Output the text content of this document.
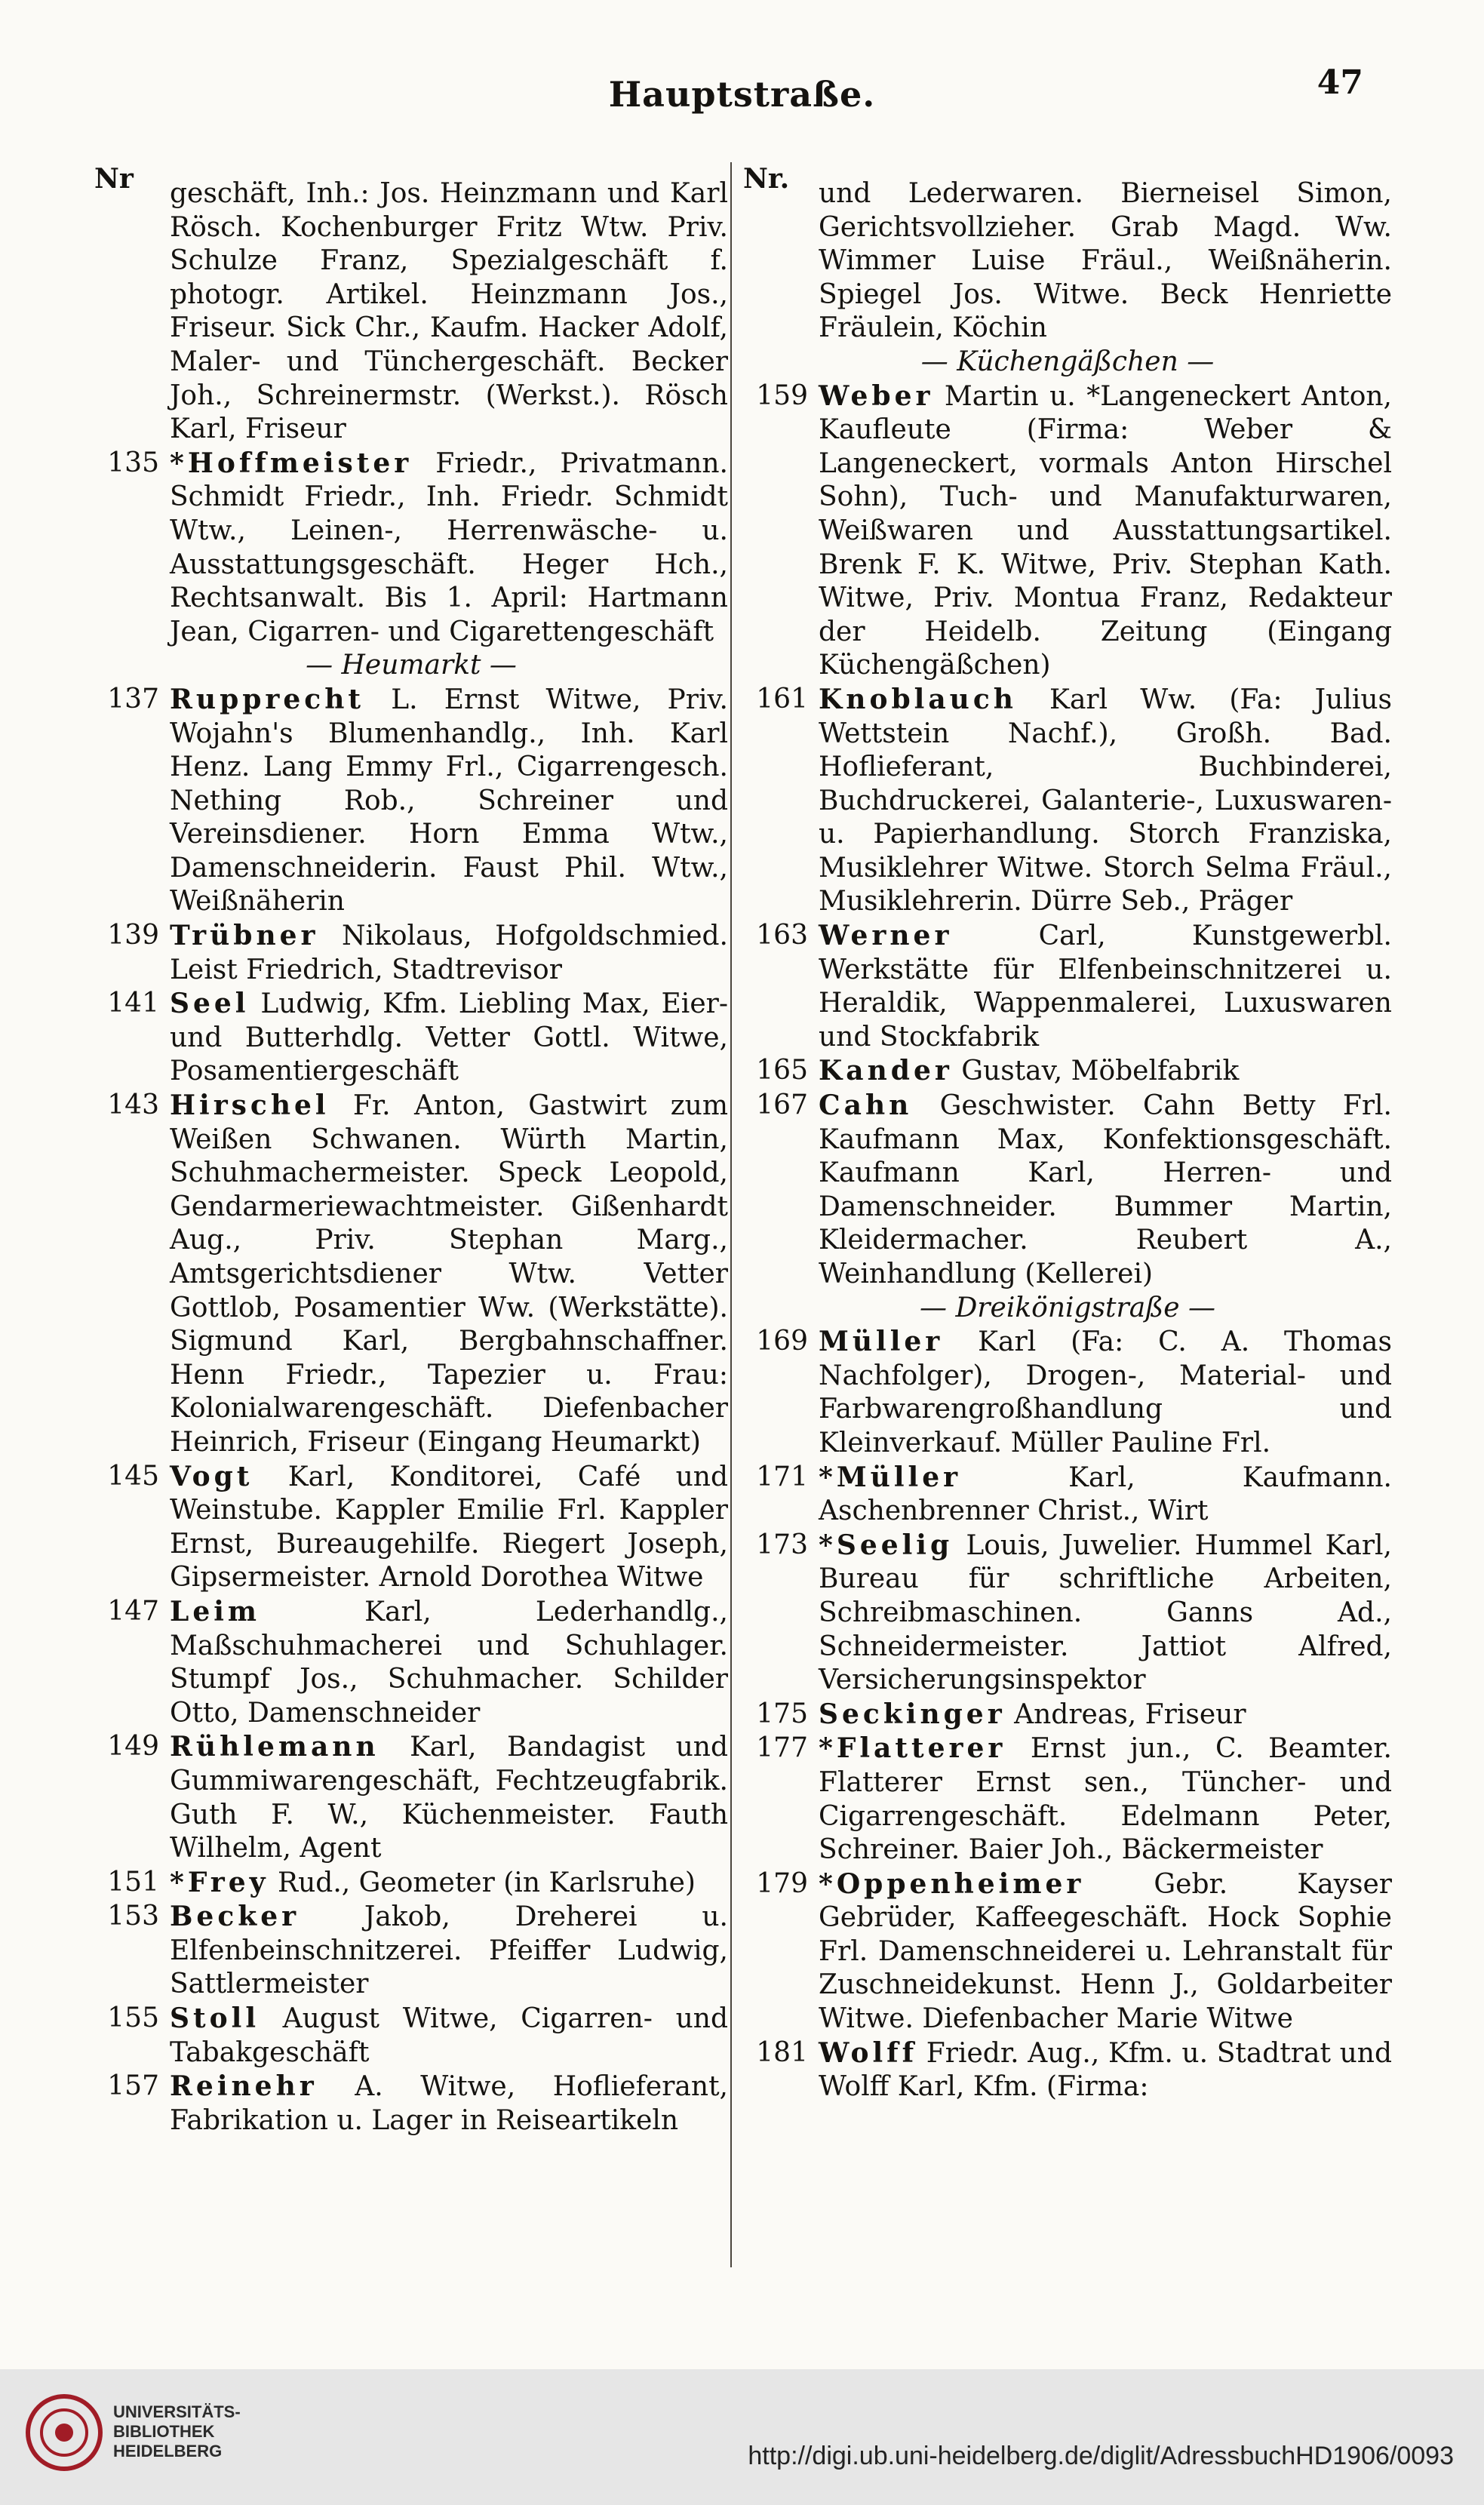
Hauptstraße.	47
Nr geschäft, Inh.: Jos. Heinzmann und Karl Rösch. Kochenburger Fritz Wtw. Priv. Schulze Franz, Spezialgeschäft f. photogr. Artikel. Heinzmann Jos., Friseur. Sick Chr., Kaufm. Hacker Adolf, Maler- und Tünchergeschäft. Becker Joh., Schreinermstr. (Werkst.). Rösch Karl, Friseur
135 *Hoffmeister Friedr., Privatmann. Schmidt Friedr., Inh. Friedr. Schmidt Wtw., Leinen-, Herrenwäsche- u. Ausstattungsgeschäft. Heger Hch., Rechtsanwalt. Bis 1. April: Hartmann Jean, Cigarren- und Cigarettengeschäft
— Heumarkt —
137 Rupprecht L. Ernst Witwe, Priv. Wojahn's Blumenhandlg., Inh. Karl Henz. Lang Emmy Frl., Cigarrengesch. Nething Rob., Schreiner und Vereinsdiener. Horn Emma Wtw., Damenschneiderin. Faust Phil. Wtw., Weißnäherin
139 Trübner Nikolaus, Hofgoldschmied. Leist Friedrich, Stadtrevisor
141 Seel Ludwig, Kfm. Liebling Max, Eier- und Butterhdlg. Vetter Gottl. Witwe, Posamentiergeschäft
143 Hirschel Fr. Anton, Gastwirt zum Weißen Schwanen. Würth Martin, Schuhmachermeister. Speck Leopold, Gendarmeriewachtmeister. Gißenhardt Aug., Priv. Stephan Marg., Amtsgerichtsdiener Wtw. Vetter Gottlob, Posamentier Ww. (Werkstätte). Sigmund Karl, Bergbahnschaffner. Henn Friedr., Tapezier u. Frau: Kolonialwarengeschäft. Diefenbacher Heinrich, Friseur (Eingang Heumarkt)
145 Vogt Karl, Konditorei, Café und Weinstube. Kappler Emilie Frl. Kappler Ernst, Bureaugehilfe. Riegert Joseph, Gipsermeister. Arnold Dorothea Witwe
147 Leim Karl, Lederhandlg., Maßschuhmacherei und Schuhlager. Stumpf Jos., Schuhmacher. Schilder Otto, Damenschneider
149 Rühlemann Karl, Bandagist und Gummiwarengeschäft, Fechtzeugfabrik. Guth F. W., Küchenmeister. Fauth Wilhelm, Agent
151 *Frey Rud., Geometer (in Karlsruhe)
153 Becker Jakob, Dreherei u. Elfenbeinschnitzerei. Pfeiffer Ludwig, Sattlermeister
155 Stoll August Witwe, Cigarren- und Tabakgeschäft
157 Reinehr A. Witwe, Hoflieferant, Fabrikation u. Lager in Reiseartikeln
Nr. und Lederwaren. Bierneisel Simon, Gerichtsvollzieher. Grab Magd. Ww. Wimmer Luise Fräul., Weißnäherin. Spiegel Jos. Witwe. Beck Henriette Fräulein, Köchin
— Küchengäßchen —
159 Weber Martin u. *Langeneckert Anton, Kaufleute (Firma: Weber & Langeneckert, vormals Anton Hirschel Sohn), Tuch- und Manufakturwaren, Weißwaren und Ausstattungsartikel. Brenk F. K. Witwe, Priv. Stephan Kath. Witwe, Priv. Montua Franz, Redakteur der Heidelb. Zeitung (Eingang Küchengäßchen)
161 Knoblauch Karl Ww. (Fa: Julius Wettstein Nachf.), Großh. Bad. Hoflieferant, Buchbinderei, Buchdruckerei, Galanterie-, Luxuswaren- u. Papierhandlung. Storch Franziska, Musiklehrer Witwe. Storch Selma Fräul., Musiklehrerin. Dürre Seb., Präger
163 Werner Carl, Kunstgewerbl. Werkstätte für Elfenbeinschnitzerei u. Heraldik, Wappenmalerei, Luxuswaren und Stockfabrik
165 Kander Gustav, Möbelfabrik
167 Cahn Geschwister. Cahn Betty Frl. Kaufmann Max, Konfektionsgeschäft. Kaufmann Karl, Herren- und Damenschneider. Bummer Martin, Kleidermacher. Reubert A., Weinhandlung (Kellerei)
— Dreikönigstraße —
169 Müller Karl (Fa: C. A. Thomas Nachfolger), Drogen-, Material- und Farbwarengroßhandlung und Kleinverkauf. Müller Pauline Frl.
171 *Müller Karl, Kaufmann. Aschenbrenner Christ., Wirt
173 *Seelig Louis, Juwelier. Hummel Karl, Bureau für schriftliche Arbeiten, Schreibmaschinen. Ganns Ad., Schneidermeister. Jattiot Alfred, Versicherungsinspektor
175 Seckinger Andreas, Friseur
177 *Flatterer Ernst jun., C. Beamter. Flatterer Ernst sen., Tüncher- und Cigarrengeschäft. Edelmann Peter, Schreiner. Baier Joh., Bäckermeister
179 *Oppenheimer Gebr. Kayser Gebrüder, Kaffeegeschäft. Hock Sophie Frl. Damenschneiderei u. Lehranstalt für Zuschneidekunst. Henn J., Goldarbeiter Witwe. Diefenbacher Marie Witwe
181 Wolff Friedr. Aug., Kfm. u. Stadtrat und Wolff Karl, Kfm. (Firma:
UNIVERSITÄTS-
BIBLIOTHEK
HEIDELBERG	http://digi.ub.uni-heidelberg.de/diglit/AdressbuchHD1906/0093
